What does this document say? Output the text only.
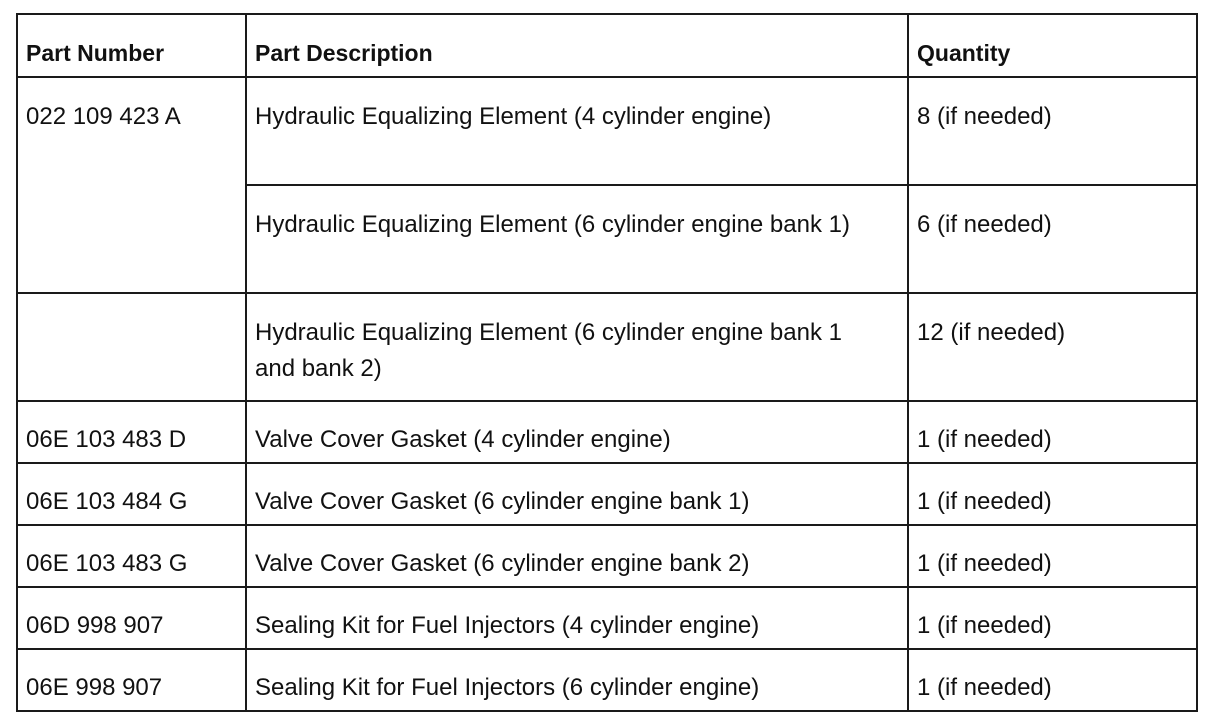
Part Number	Part Description	Quantity
022 109 423 A	Hydraulic Equalizing Element (4 cylinder engine)	8 (if needed)

	Hydraulic Equalizing Element (6 cylinder engine bank 1)	6 (if needed)

	Hydraulic Equalizing Element (6 cylinder engine bank 1 and bank 2)	12 (if needed)
06E 103 483 D	Valve Cover Gasket (4 cylinder engine)	1 (if needed)
06E 103 484 G	Valve Cover Gasket (6 cylinder engine bank 1)	1 (if needed)
06E 103 483 G	Valve Cover Gasket (6 cylinder engine bank 2)	1 (if needed)
06D 998 907	Sealing Kit for Fuel Injectors (4 cylinder engine)	1 (if needed)
06E 998 907	Sealing Kit for Fuel Injectors (6 cylinder engine)	1 (if needed)
